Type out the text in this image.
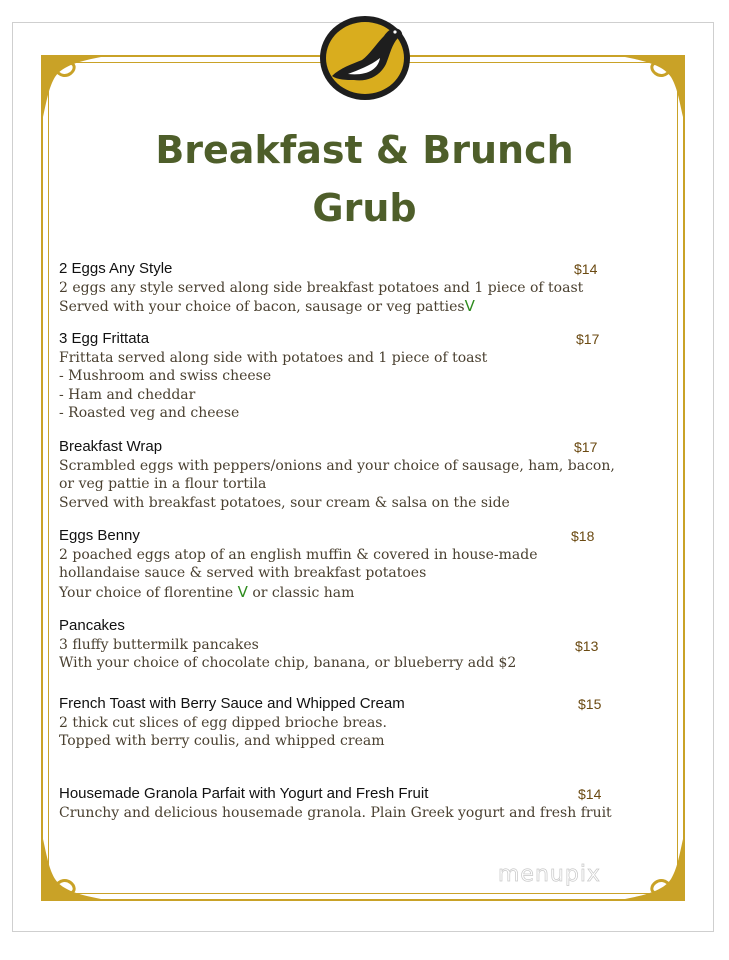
Breakfast & Brunch
Grub
2 Eggs Any Style	$14
2 eggs any style served along side breakfast potatoes and 1 piece of toast
Served with your choice of bacon, sausage or veg pattiesV
3 Egg Frittata	$17
Frittata served along side with potatoes and 1 piece of toast
- Mushroom and swiss cheese
- Ham and cheddar
- Roasted veg and cheese
Breakfast Wrap	$17
Scrambled eggs with peppers/onions and your choice of sausage, ham, bacon,
or veg pattie in a flour tortila
Served with breakfast potatoes, sour cream & salsa on the side
Eggs Benny	$18
2 poached eggs atop of an english muffin & covered in house-made
hollandaise sauce & served with breakfast potatoes
Your choice of florentine V or classic ham
Pancakes
3 fluffy buttermilk pancakes	$13
With your choice of chocolate chip, banana, or blueberry add $2
French Toast with Berry Sauce and Whipped Cream	$15
2 thick cut slices of egg dipped brioche breas.
Topped with berry coulis, and whipped cream
Housemade Granola Parfait with Yogurt and Fresh Fruit	$14
Crunchy and delicious housemade granola. Plain Greek yogurt and fresh fruit
menupix
